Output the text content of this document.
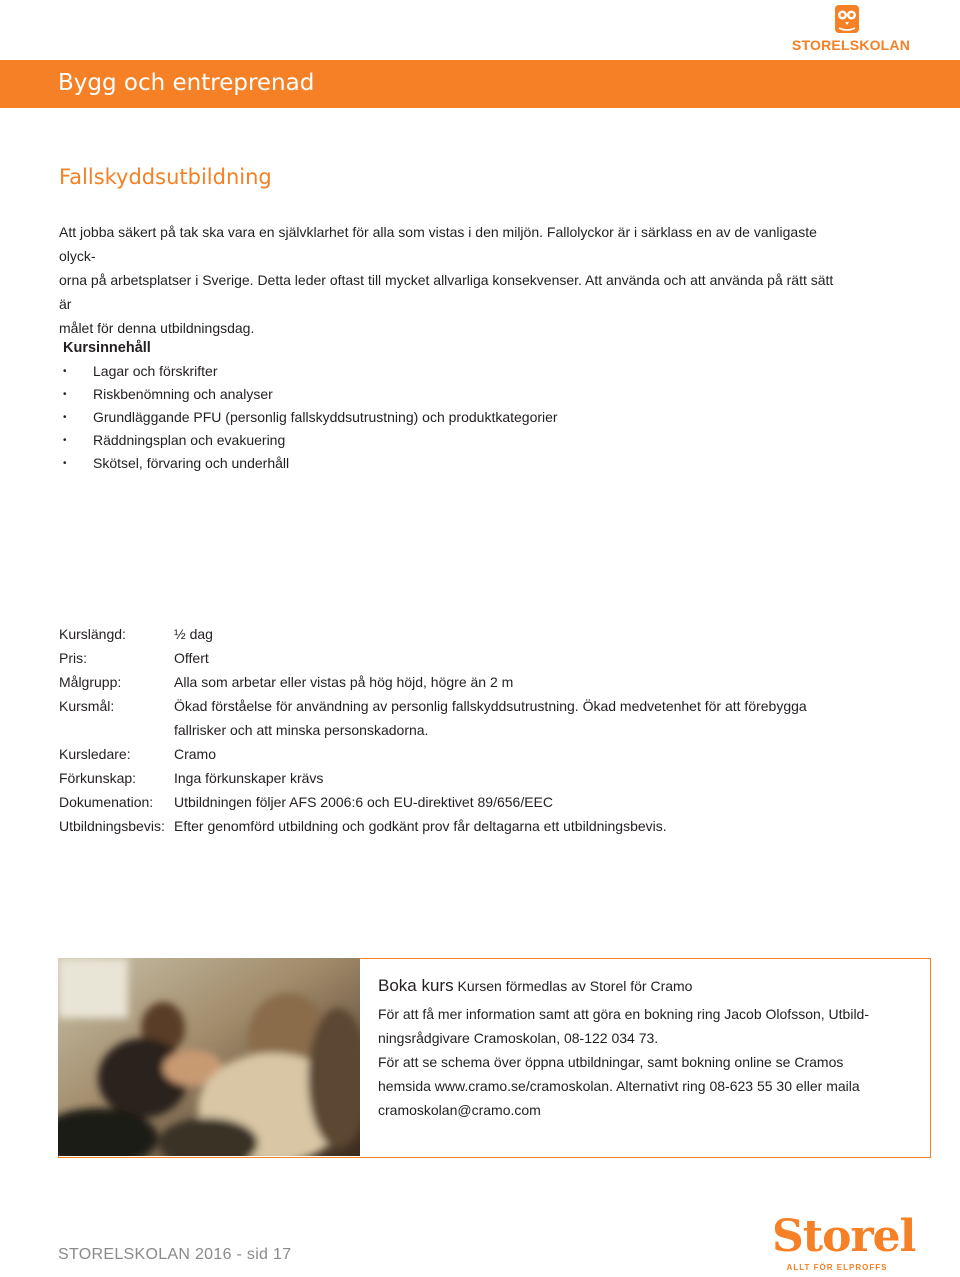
STORELSKOLAN
Bygg och entreprenad
Fallskyddsutbildning
Att jobba säkert på tak ska vara en självklarhet för alla som vistas i den miljön. Fallolyckor är i särklass en av de vanligaste olyck-
orna på arbetsplatser i Sverige. Detta leder oftast till mycket allvarliga konsekvenser. Att använda och att använda på rätt sätt är
målet för denna utbildningsdag.
Kursinnehåll
• Lagar och förskrifter
• Riskbenömning och analyser
• Grundläggande PFU (personlig fallskyddsutrustning) och produktkategorier
• Räddningsplan och evakuering
• Skötsel, förvaring och underhåll
Kurslängd:	½ dag
Pris:	Offert
Målgrupp:	Alla som arbetar eller vistas på hög höjd, högre än 2 m
Kursmål:	Ökad förståelse för användning av personlig fallskyddsutrustning. Ökad medvetenhet för att förebygga
fallrisker och att minska personskadorna.
Kursledare:	Cramo
Förkunskap:	Inga förkunskaper krävs
Dokumenation:	Utbildningen följer AFS 2006:6 och EU-direktivet 89/656/EEC
Utbildningsbevis: Efter genomförd utbildning och godkänt prov får deltagarna ett utbildningsbevis.
Boka kurs Kursen förmedlas av Storel för Cramo
För att få mer information samt att göra en bokning ring Jacob Olofsson, Utbild-
ningsrådgivare Cramoskolan, 08-122 034 73.
För att se schema över öppna utbildningar, samt bokning online se Cramos
hemsida www.cramo.se/cramoskolan. Alternativt ring 08-623 55 30 eller maila
cramoskolan@cramo.com
STORELSKOLAN 2016 - sid 17	Storel
ALLT FÖR ELPROFFS
